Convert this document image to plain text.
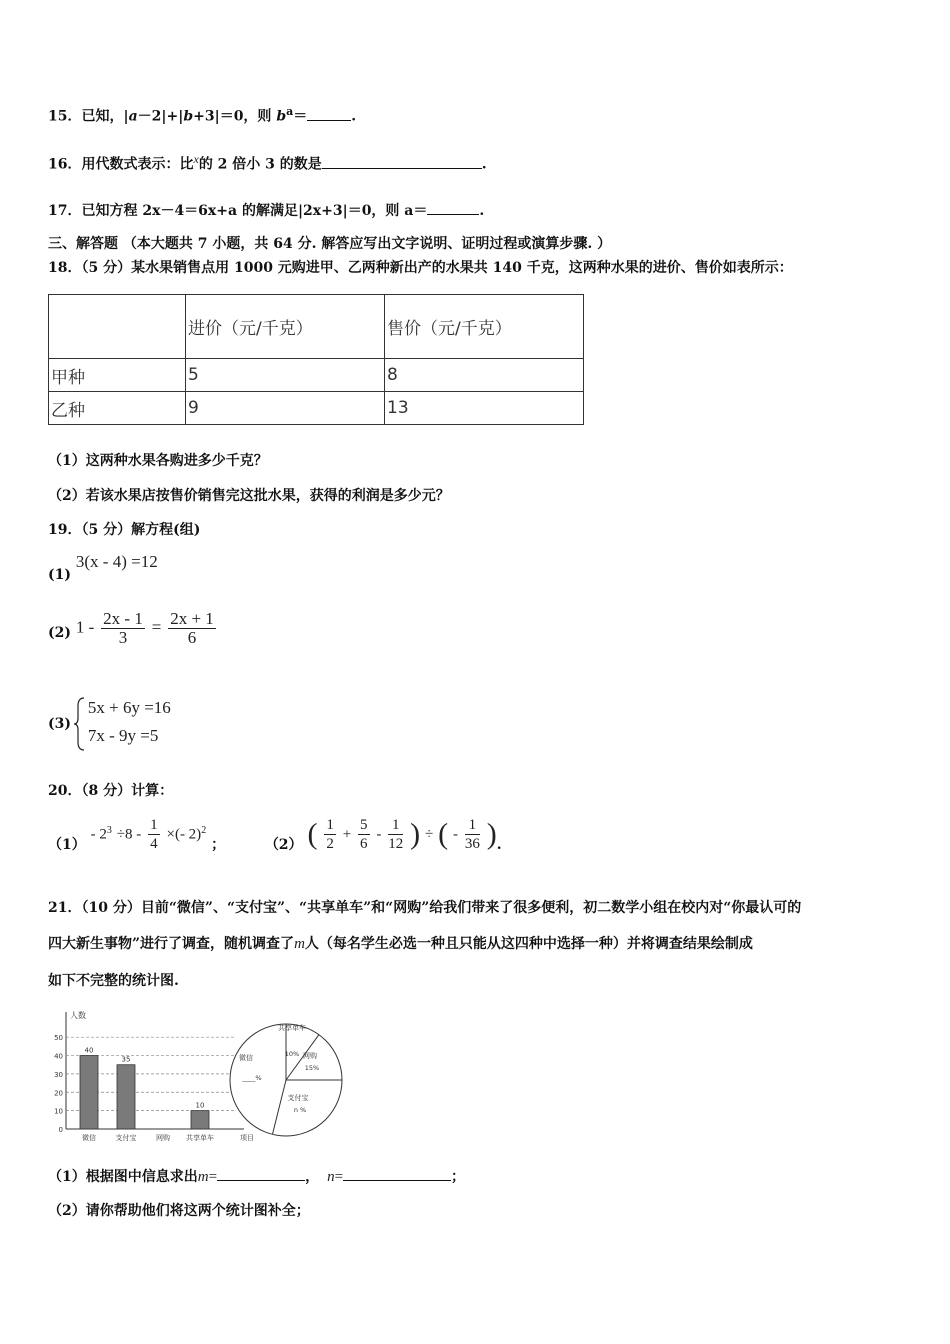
15．已知，|a－2|+|b+3|＝0，则 $b^a=$	.
16．用代数式表示：比$^x$的 2 倍小 3 的数是	.
17．已知方程 2x－4＝6x+a 的解满足|2x+3|＝0，则 a＝	.
三、解答题 （本大题共 7 小题，共 64 分. 解答应写出文字说明、证明过程或演算步骤. ）
18．（5 分）某水果销售点用 1000 元购进甲、乙两种新出产的水果共 140 千克，这两种水果的进价、售价如表所示：
	进价（元/千克）	售价（元/千克）
甲种	5	8
乙种	9	13
（1）这两种水果各购进多少千克？
（2）若该水果店按售价销售完这批水果，获得的利润是多少元？
19．（5 分）解方程(组)
(1) 3(x - 4) =12
(2) $1 - \frac{2x - 1}{3} = \frac{2x + 1}{6}$
(3)
5x + 6y =16
7x - 9y =5
20．（8 分）计算：
$(1) - 2^3 \div 8 - \frac{1}{4}$ ×(- 2)$^2$ ；	（2） ( $\frac{1}{2} + \frac{5}{6} - \frac{1}{12}$ ) ÷ ( - $\frac{1}{36}$ ).
21．（10 分）目前“微信”、“支付宝”、“共享单车”和“网购”给我们带来了很多便利，初二数学小组在校内对“你最认可的
四大新生事物”进行了调查，随机调查了m人（每名学生必选一种且只能从这四种中选择一种）并将调查结果绘制成
如下不完整的统计图.
人数
项目
10
20
30
40
50
0
40
微信
35
支付宝	网购
10
共享单车
共享单车
10% 网购
15%
支付宝
n %
微信
____%
（1）根据图中信息求出m=	， n=	；
（2）请你帮助他们将这两个统计图补全；
